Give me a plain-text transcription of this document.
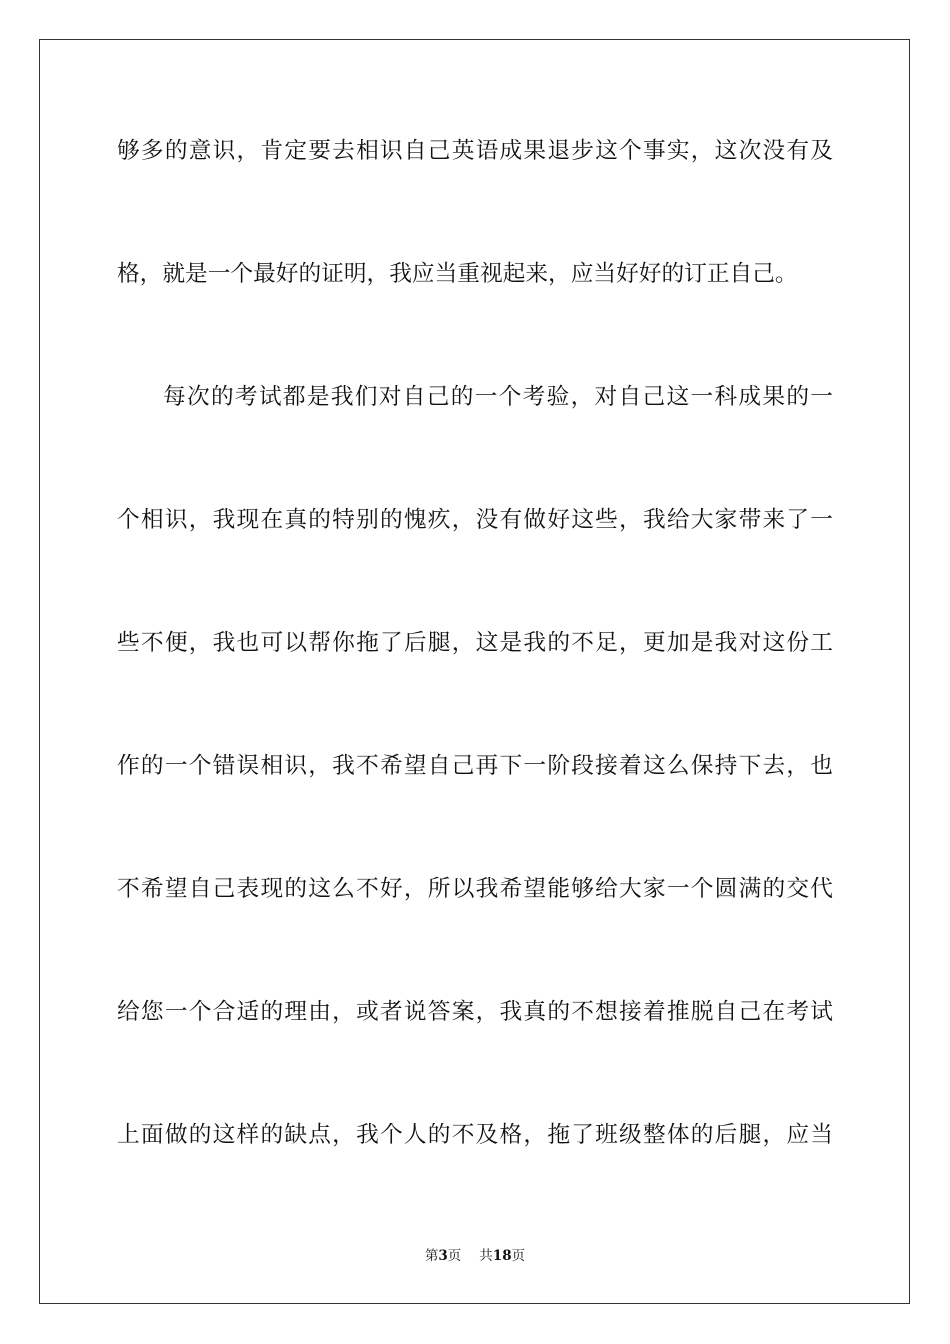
够多的意识，肯定要去相识自己英语成果退步这个事实，这次没有及
格，就是一个最好的证明，我应当重视起来，应当好好的订正自己。
每次的考试都是我们对自己的一个考验，对自己这一科成果的一
个相识，我现在真的特别的愧疚，没有做好这些，我给大家带来了一
些不便，我也可以帮你拖了后腿，这是我的不足，更加是我对这份工
作的一个错误相识，我不希望自己再下一阶段接着这么保持下去，也
不希望自己表现的这么不好，所以我希望能够给大家一个圆满的交代
给您一个合适的理由，或者说答案，我真的不想接着推脱自己在考试
上面做的这样的缺点，我个人的不及格，拖了班级整体的后腿，应当
第3页 共18页
